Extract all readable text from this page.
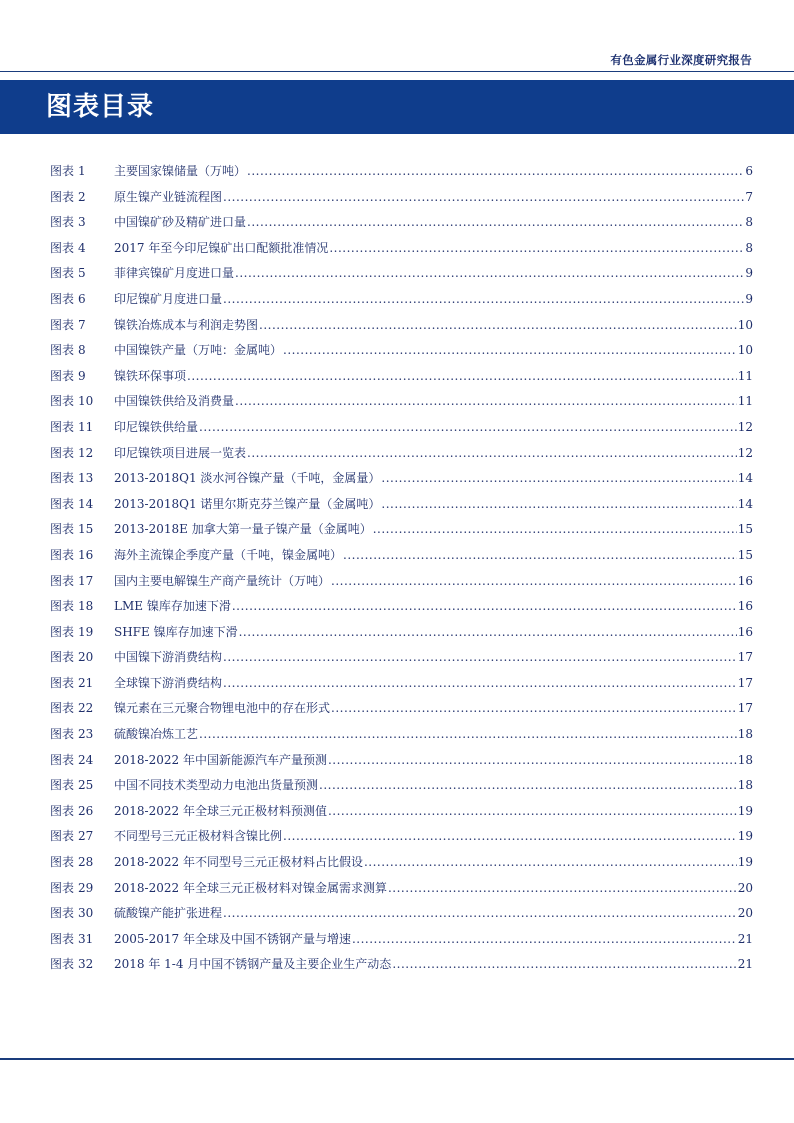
有色金属行业深度研究报告
图表目录
图表 1	主要国家镍储量（万吨） .....	6
图表 2	原生镍产业链流程图 .....	7
图表 3	中国镍矿砂及精矿进口量 .....	8
图表 4	2017 年至今印尼镍矿出口配额批准情况 .....	8
图表 5	菲律宾镍矿月度进口量 .....	9
图表 6	印尼镍矿月度进口量 .....	9
图表 7	镍铁冶炼成本与利润走势图 .....	10
图表 8	中国镍铁产量（万吨：金属吨） .....	10
图表 9	镍铁环保事项 .....	11
图表 10	中国镍铁供给及消费量 .....	11
图表 11	印尼镍铁供给量 .....	12
图表 12	印尼镍铁项目进展一览表 .....	12
图表 13	2013-2018Q1 淡水河谷镍产量（千吨，金属量） .....	14
图表 14	2013-2018Q1 诺里尔斯克芬兰镍产量（金属吨） .....	14
图表 15	2013-2018E 加拿大第一量子镍产量（金属吨） .....	15
图表 16	海外主流镍企季度产量（千吨，镍金属吨） .....	15
图表 17	国内主要电解镍生产商产量统计（万吨） .....	16
图表 18	LME 镍库存加速下滑 .....	16
图表 19	SHFE 镍库存加速下滑 .....	16
图表 20	中国镍下游消费结构 .....	17
图表 21	全球镍下游消费结构 .....	17
图表 22	镍元素在三元聚合物锂电池中的存在形式 .....	17
图表 23	硫酸镍冶炼工艺 .....	18
图表 24	2018-2022 年中国新能源汽车产量预测 .....	18
图表 25	中国不同技术类型动力电池出货量预测 .....	18
图表 26	2018-2022 年全球三元正极材料预测值 .....	19
图表 27	不同型号三元正极材料含镍比例 .....	19
图表 28	2018-2022 年不同型号三元正极材料占比假设 .....	19
图表 29	2018-2022 年全球三元正极材料对镍金属需求测算 .....	20
图表 30	硫酸镍产能扩张进程 .....	20
图表 31	2005-2017 年全球及中国不锈钢产量与增速 .....	21
图表 32	2018 年 1-4 月中国不锈钢产量及主要企业生产动态 .....	21
